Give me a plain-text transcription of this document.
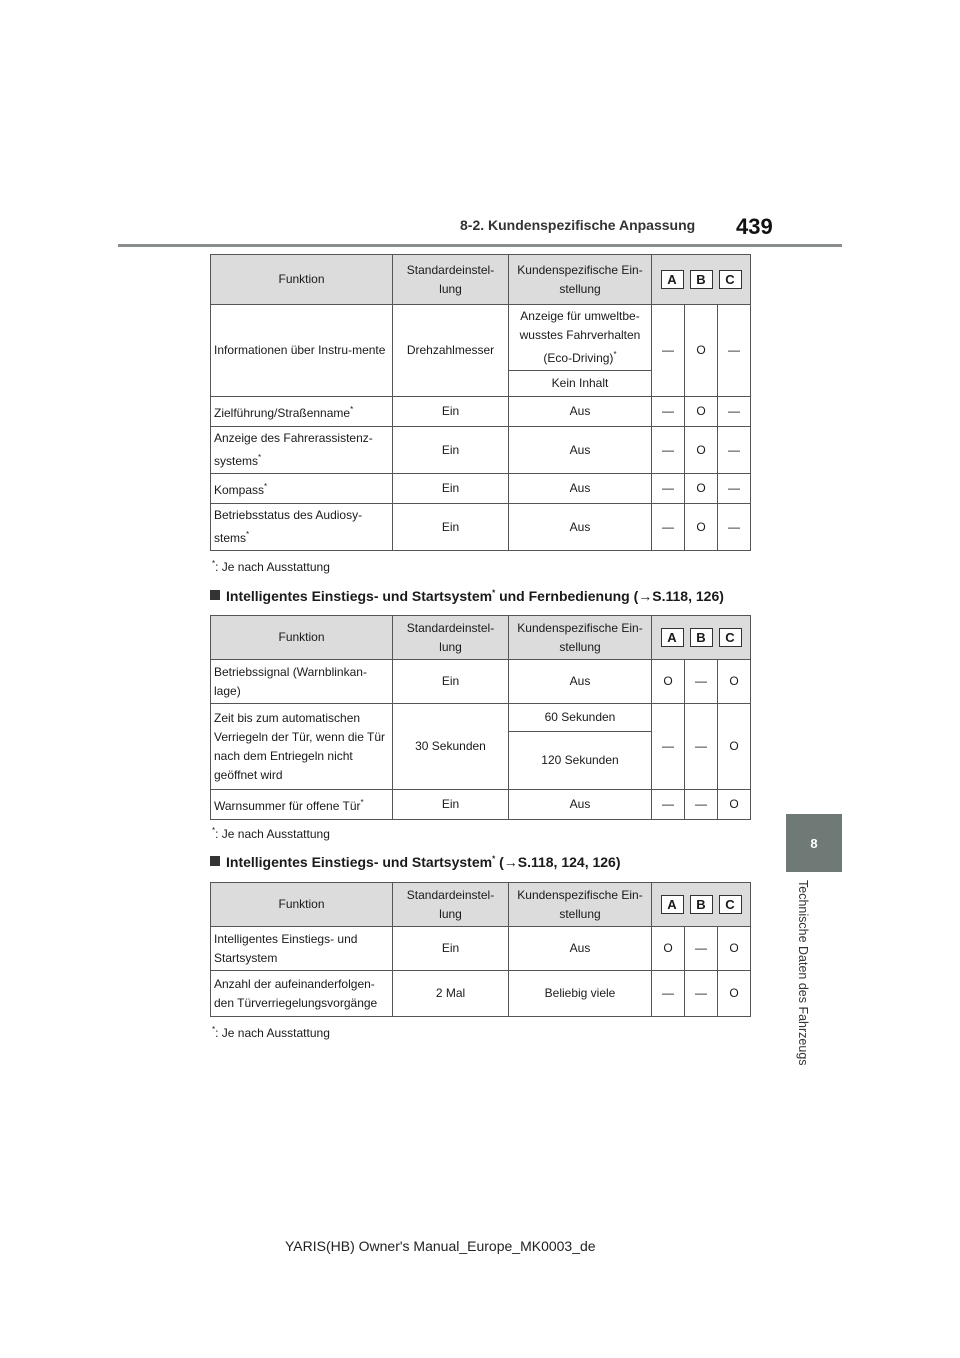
8-2. Kundenspezifische Anpassung 439
8
Technische Daten des Fahrzeugs
Funktion	Standardeinstel-lung	Kundenspezifische Ein-stellung	A B C		
Informationen über Instru-mente	Drehzahlmesser	Anzeige für umweltbe-wusstes Fahrverhalten (Eco-Driving)*	—	O	—
		Kein Inhalt			
Zielführung/Straßenname*	Ein	Aus	—	O	—
Anzeige des Fahrerassistenz-systems*	Ein	Aus	—	O	—
Kompass*	Ein	Aus	—	O	—
Betriebsstatus des Audiosy-stems*	Ein	Aus	—	O	—
*: Je nach Ausstattung
Intelligentes Einstiegs- und Startsystem* und Fernbedienung (→S.118, 126)
Funktion	Standardeinstel-lung	Kundenspezifische Ein-stellung	A B C		
Betriebssignal (Warnblinkan-lage)	Ein	Aus	O	—	O
Zeit bis zum automatischen Verriegeln der Tür, wenn die Tür nach dem Entriegeln nicht geöffnet wird	30 Sekunden	60 Sekunden	—	—	O
		120 Sekunden			
Warnsummer für offene Tür*	Ein	Aus	—	—	O
*: Je nach Ausstattung
Intelligentes Einstiegs- und Startsystem* (→S.118, 124, 126)
Funktion	Standardeinstel-lung	Kundenspezifische Ein-stellung	A B C		
Intelligentes Einstiegs- und Startsystem	Ein	Aus	O	—	O
Anzahl der aufeinanderfolgen-den Türverriegelungsvorgänge	2 Mal	Beliebig viele	—	—	O
*: Je nach Ausstattung
YARIS(HB) Owner's Manual_Europe_MK0003_de
